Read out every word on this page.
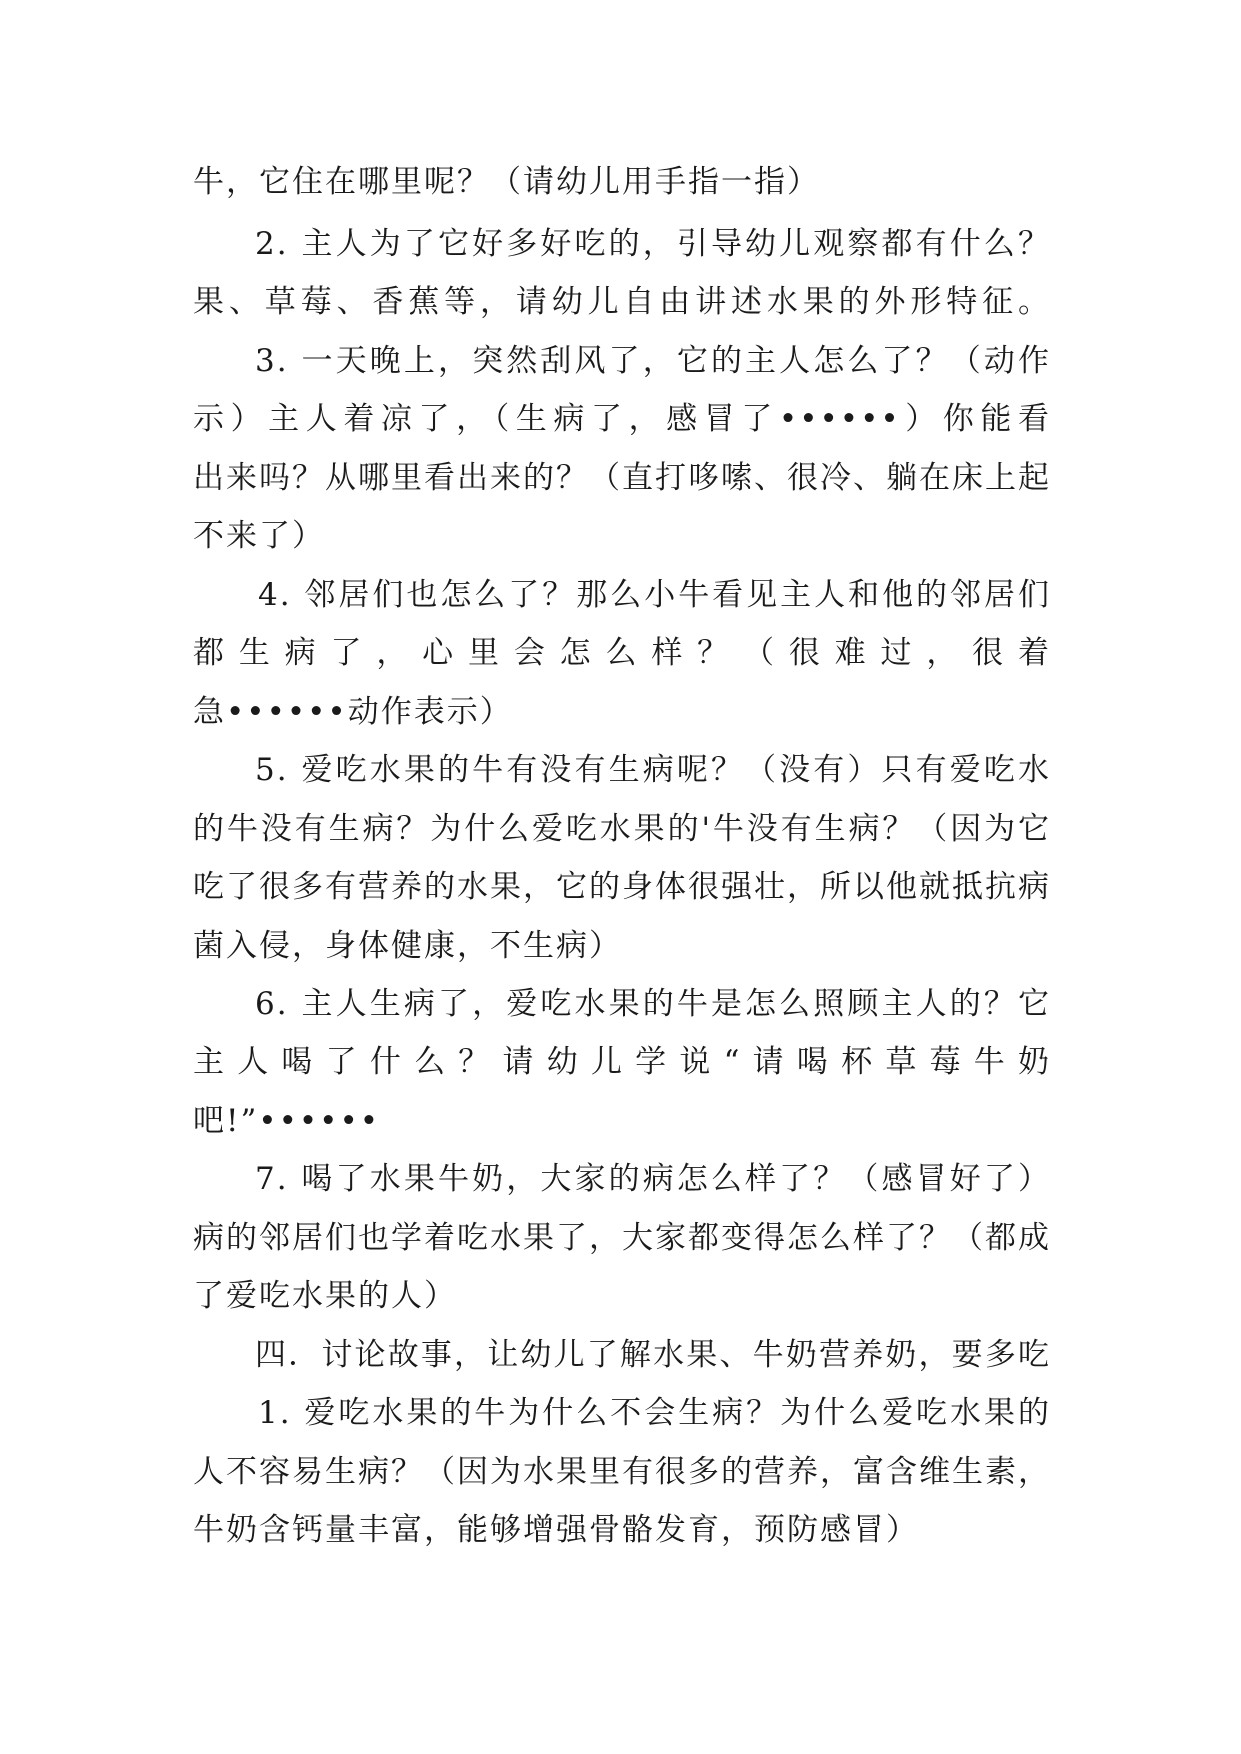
牛，它住在哪里呢？（请幼儿用手指一指）
2. 主人为了它好多好吃的，引导幼儿观察都有什么？
果、草莓、香蕉等，请幼儿自由讲述水果的外形特征。
3. 一天晚上，突然刮风了，它的主人怎么了？（动作
示）主人着凉了，（生病了，感冒了••••••）你能看
出来吗？从哪里看出来的？（直打哆嗦、很冷、躺在床上起
不来了）
4. 邻居们也怎么了？那么小牛看见主人和他的邻居们
都生病了，心里会怎么样？（很难过，很着
急••••••动作表示）
5. 爱吃水果的牛有没有生病呢？（没有）只有爱吃水
的牛没有生病？为什么爱吃水果的'牛没有生病？（因为它
吃了很多有营养的水果，它的身体很强壮，所以他就抵抗病
菌入侵，身体健康，不生病）
6. 主人生病了，爱吃水果的牛是怎么照顾主人的？它
主人喝了什么？请幼儿学说“请喝杯草莓牛奶
吧!”••••••
7. 喝了水果牛奶，大家的病怎么样了？（感冒好了）
病的邻居们也学着吃水果了，大家都变得怎么样了？（都成
了爱吃水果的人）
四．讨论故事，让幼儿了解水果、牛奶营养奶，要多吃
1. 爱吃水果的牛为什么不会生病？为什么爱吃水果的
人不容易生病？（因为水果里有很多的营养，富含维生素，
牛奶含钙量丰富，能够增强骨骼发育，预防感冒）
